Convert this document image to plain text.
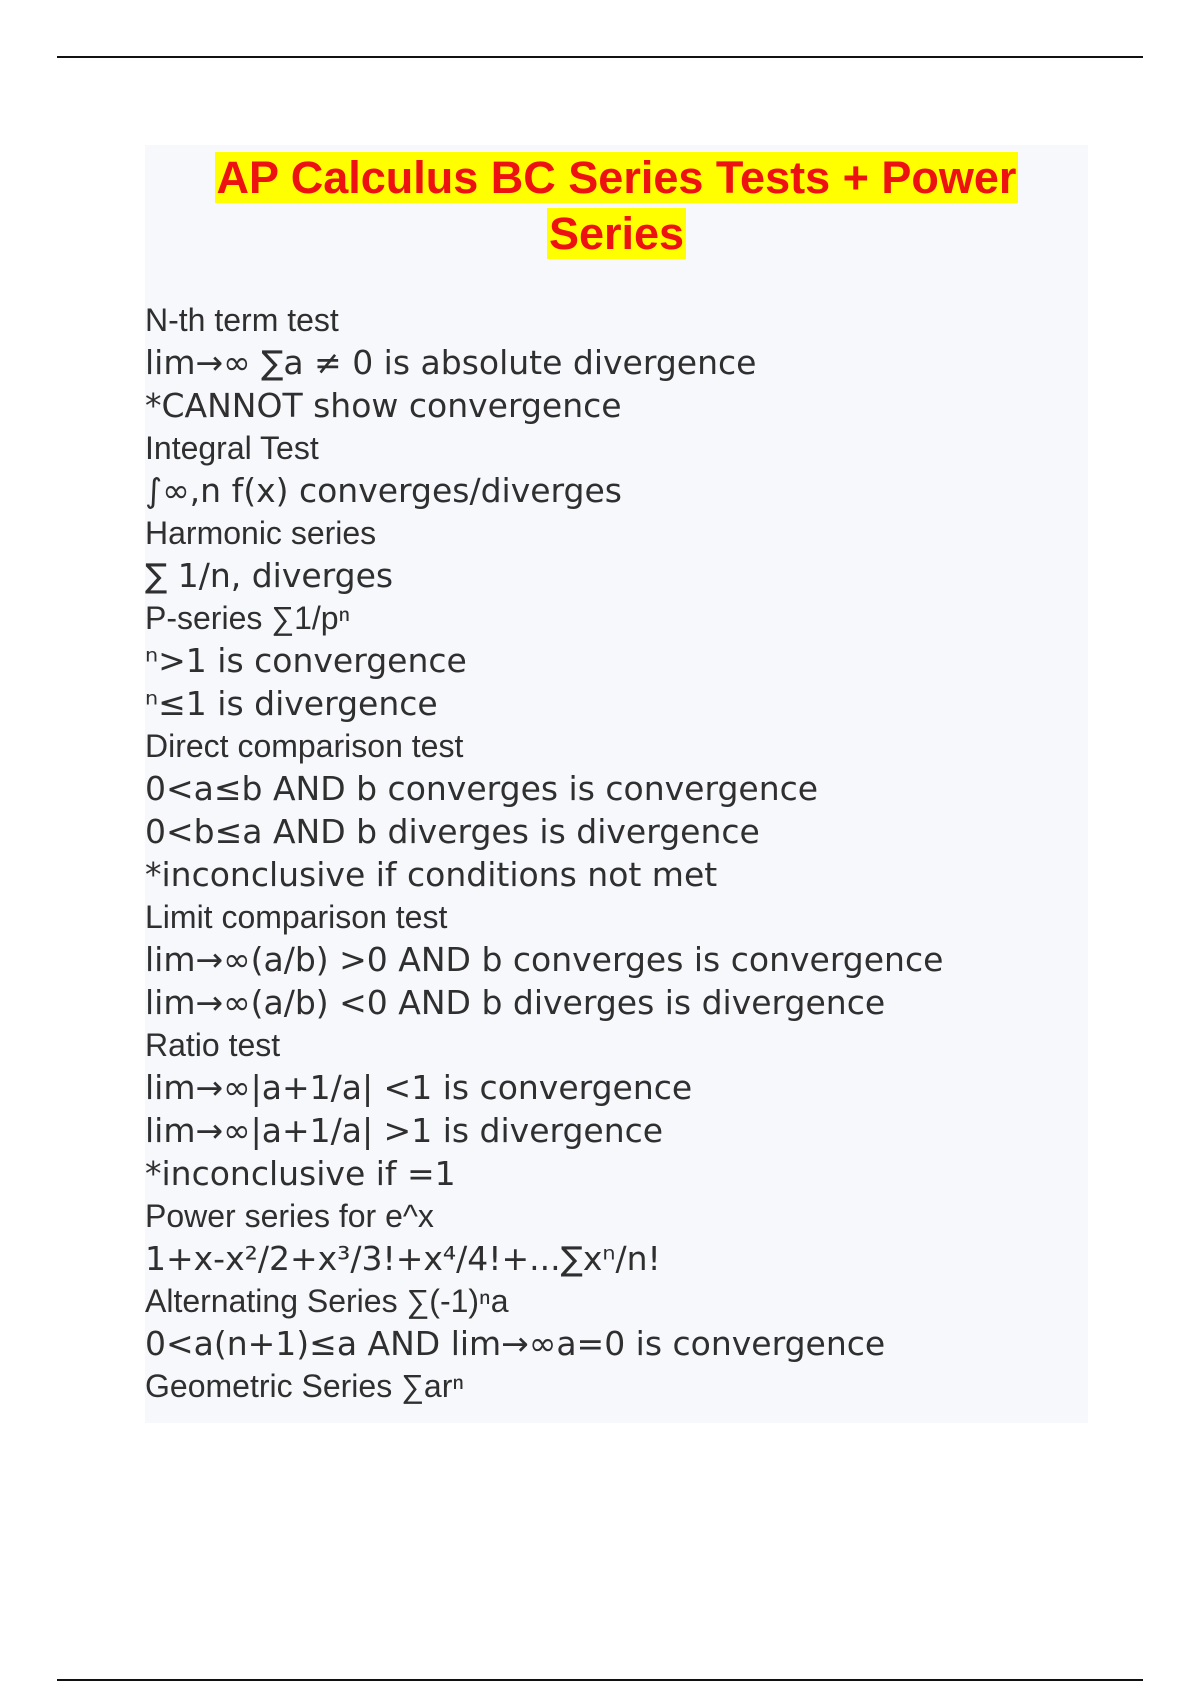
AP Calculus BC Series Tests + Power
Series

N-th term test

lim→∞ ∑a ≠ 0 is absolute divergence

*CANNOT show convergence

Integral Test

∫∞,n f(x) converges/diverges

Harmonic series

∑ 1/n, diverges

P-series ∑1/pⁿ

ⁿ>1 is convergence

ⁿ≤1 is divergence

Direct comparison test

0<a≤b AND b converges is convergence

0<b≤a AND b diverges is divergence

*inconclusive if conditions not met

Limit comparison test

lim→∞(a/b) >0 AND b converges is convergence

lim→∞(a/b) <0 AND b diverges is divergence

Ratio test

lim→∞|a+1/a| <1 is convergence

lim→∞|a+1/a| >1 is divergence

*inconclusive if =1

Power series for e^x

1+x-x²/2+x³/3!+x⁴/4!+...∑xⁿ/n!

Alternating Series ∑(-1)ⁿa

0<a(n+1)≤a AND lim→∞a=0 is convergence

Geometric Series ∑arⁿ
